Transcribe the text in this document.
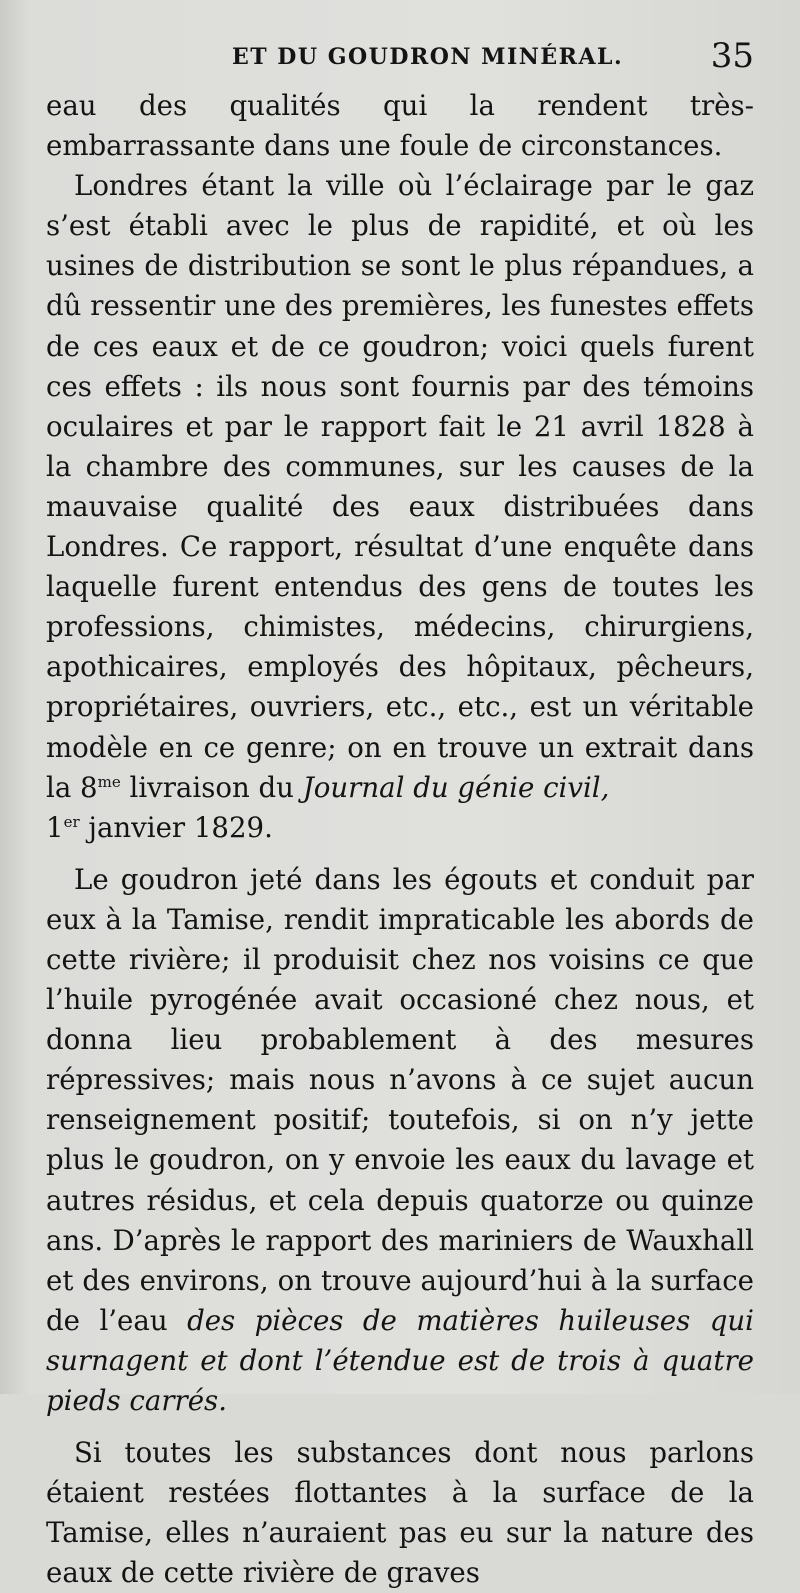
ET DU GOUDRON MINÉRAL.	35

eau des qualités qui la rendent très-embarrassante dans une foule de circonstances.

Londres étant la ville où l’éclairage par le gaz s’est établi avec le plus de rapidité, et où les usines de distribution se sont le plus répandues, a dû ressentir une des premières, les funestes effets de ces eaux et de ce goudron; voici quels furent ces effets : ils nous sont fournis par des témoins oculaires et par le rapport fait le 21 avril 1828 à la chambre des communes, sur les causes de la mauvaise qualité des eaux distribuées dans Londres. Ce rapport, résultat d’une enquête dans laquelle furent entendus des gens de toutes les professions, chimistes, médecins, chirurgiens, apothicaires, employés des hôpitaux, pêcheurs, propriétaires, ouvriers, etc., etc., est un véritable modèle en ce genre; on en trouve un extrait dans la $8^{me}$ livraison du Journal du génie civil,
1er janvier 1829.

Le goudron jeté dans les égouts et conduit par eux à la Tamise, rendit impraticable les abords de cette rivière; il produisit chez nos voisins ce que l’huile pyrogénée avait occasioné chez nous, et donna lieu probablement à des mesures répressives; mais nous n’avons à ce sujet aucun renseignement positif; toutefois, si on n’y jette plus le goudron, on y envoie les eaux du lavage et autres résidus, et cela depuis quatorze ou quinze ans. D’après le rapport des mariniers de Wauxhall et des environs, on trouve aujourd’hui à la surface de l’eau des pièces de matières huileuses qui surnagent et dont l’étendue est de trois à quatre pieds carrés.

Si toutes les substances dont nous parlons étaient restées flottantes à la surface de la Tamise, elles n’auraient pas eu sur la nature des eaux de cette rivière de graves
